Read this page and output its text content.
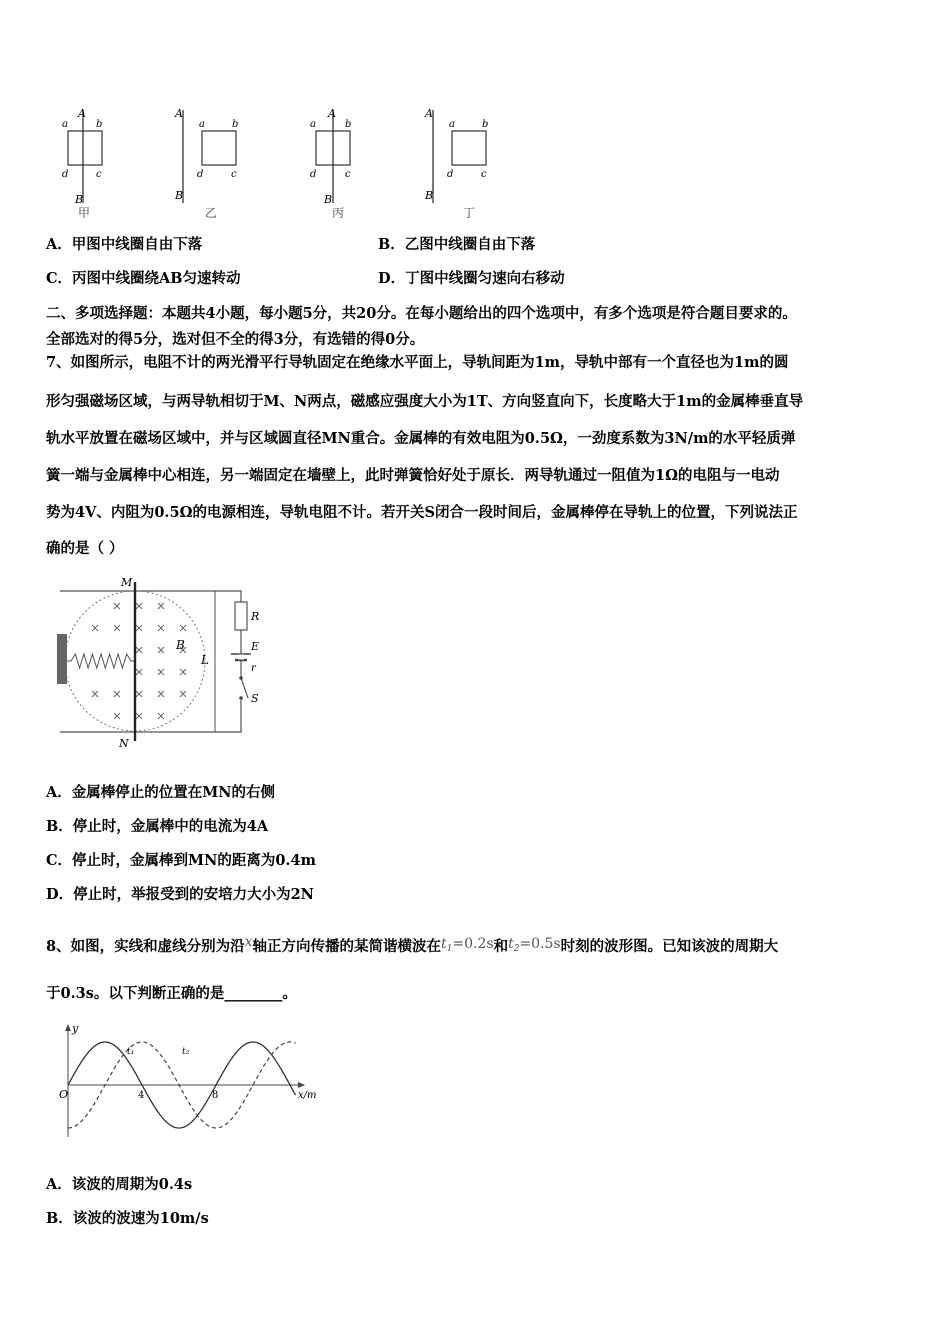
A
B
a	b
c
d
甲
A
B
a	b
c
d
乙
A
B
a	b
c
d
丙
A
B
a	b
c
d
丁
A．甲图中线圈自由下落	B．乙图中线圈自由下落
C．丙图中线圈绕AB匀速转动	D．丁图中线圈匀速向右移动
二、多项选择题：本题共4小题，每小题5分，共20分。在每小题给出的四个选项中，有多个选项是符合题目要求的。
全部选对的得5分，选对但不全的得3分，有选错的得0分。
7、如图所示，电阻不计的两光滑平行导轨固定在绝缘水平面上，导轨间距为1m，导轨中部有一个直径也为1m的圆
形匀强磁场区域，与两导轨相切于M、N两点，磁感应强度大小为1T、方向竖直向下，长度略大于1m的金属棒垂直导
轨水平放置在磁场区域中，并与区域圆直径MN重合。金属棒的有效电阻为0.5Ω，一劲度系数为3N/m的水平轻质弹
簧一端与金属棒中心相连，另一端固定在墙壁上，此时弹簧恰好处于原长．两导轨通过一阻值为1Ω的电阻与一电动
势为4V、内阻为0.5Ω的电源相连，导轨电阻不计。若开关S闭合一段时间后，金属棒停在导轨上的位置，下列说法正
确的是（ ）
M
N
B
L
R
E
r
S
A．金属棒停止的位置在MN的右侧
B．停止时，金属棒中的电流为4A
C．停止时，金属棒到MN的距离为0.4m
D．停止时，举报受到的安培力大小为2N
8、如图，实线和虚线分别为沿x轴正方向传播的某简谐横波在$t_1=0.2s$和$t_2=0.5s$时刻的波形图。已知该波的周期大
于0.3s。以下判断正确的是________。
y
x/m
O	4	8
t₁	t₂
A．该波的周期为0.4s
B．该波的波速为10m/s
